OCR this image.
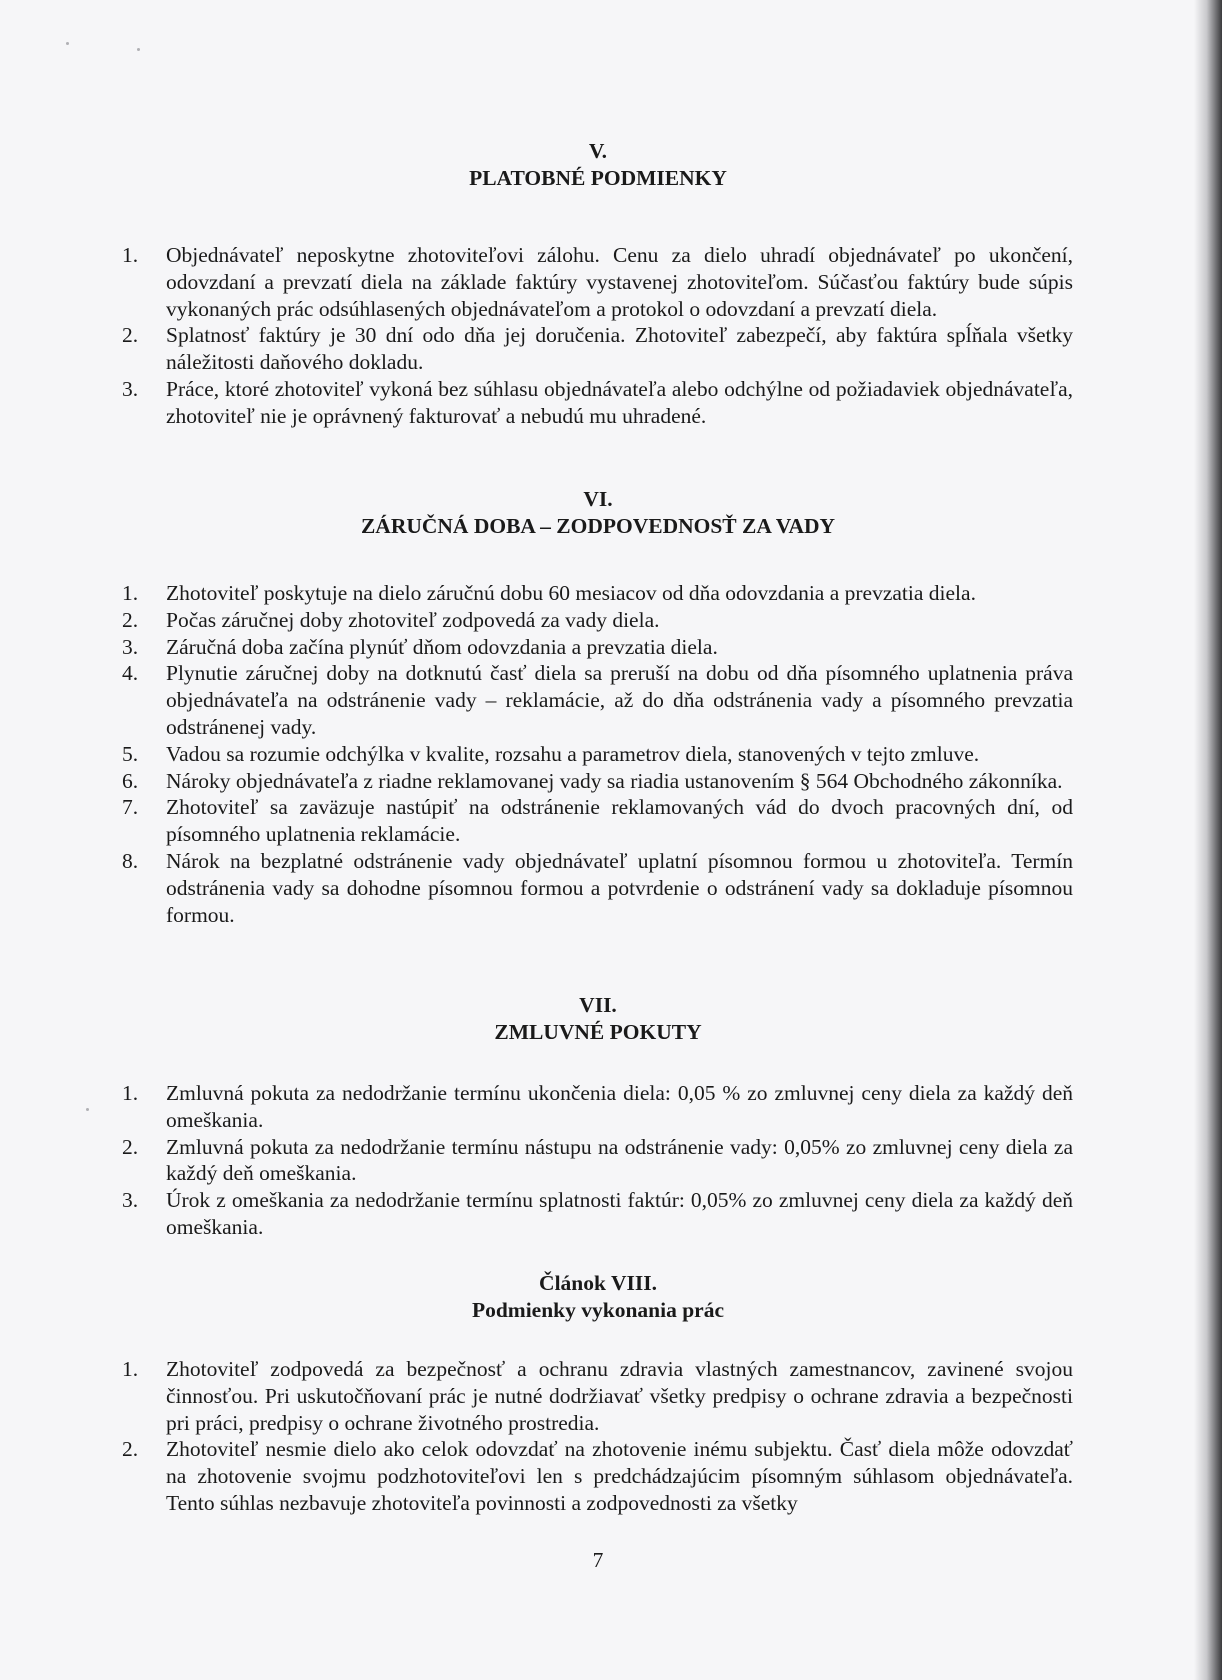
V.
PLATOBNÉ PODMIENKY
1. Objednávateľ neposkytne zhotoviteľovi zálohu. Cenu za dielo uhradí objednávateľ po ukončení, odovzdaní a prevzatí diela na základe faktúry vystavenej zhotoviteľom. Súčasťou faktúry bude súpis vykonaných prác odsúhlasených objednávateľom a protokol o odovzdaní a prevzatí diela.
2. Splatnosť faktúry je 30 dní odo dňa jej doručenia. Zhotoviteľ zabezpečí, aby faktúra spĺňala všetky náležitosti daňového dokladu.
3. Práce, ktoré zhotoviteľ vykoná bez súhlasu objednávateľa alebo odchýlne od požiadaviek objednávateľa, zhotoviteľ nie je oprávnený fakturovať a nebudú mu uhradené.
VI.
ZÁRUČNÁ DOBA – ZODPOVEDNOSŤ ZA VADY
1. Zhotoviteľ poskytuje na dielo záručnú dobu 60 mesiacov od dňa odovzdania a prevzatia diela.
2. Počas záručnej doby zhotoviteľ zodpovedá za vady diela.
3. Záručná doba začína plynúť dňom odovzdania a prevzatia diela.
4. Plynutie záručnej doby na dotknutú časť diela sa preruší na dobu od dňa písomného uplatnenia práva objednávateľa na odstránenie vady – reklamácie, až do dňa odstránenia vady a písomného prevzatia odstránenej vady.
5. Vadou sa rozumie odchýlka v kvalite, rozsahu a parametrov diela, stanovených v tejto zmluve.
6. Nároky objednávateľa z riadne reklamovanej vady sa riadia ustanovením § 564 Obchodného zákonníka.
7. Zhotoviteľ sa zaväzuje nastúpiť na odstránenie reklamovaných vád do dvoch pracovných dní, od písomného uplatnenia reklamácie.
8. Nárok na bezplatné odstránenie vady objednávateľ uplatní písomnou formou u zhotoviteľa. Termín odstránenia vady sa dohodne písomnou formou a potvrdenie o odstránení vady sa dokladuje písomnou formou.
VII.
ZMLUVNÉ POKUTY
1. Zmluvná pokuta za nedodržanie termínu ukončenia diela: 0,05 % zo zmluvnej ceny diela za každý deň omeškania.
2. Zmluvná pokuta za nedodržanie termínu nástupu na odstránenie vady: 0,05% zo zmluvnej ceny diela za každý deň omeškania.
3. Úrok z omeškania za nedodržanie termínu splatnosti faktúr: 0,05% zo zmluvnej ceny diela za každý deň omeškania.
Článok VIII.
Podmienky vykonania prác
1. Zhotoviteľ zodpovedá za bezpečnosť a ochranu zdravia vlastných zamestnancov, zavinené svojou činnosťou. Pri uskutočňovaní prác je nutné dodržiavať všetky predpisy o ochrane zdravia a bezpečnosti pri práci, predpisy o ochrane životného prostredia.
2. Zhotoviteľ nesmie dielo ako celok odovzdať na zhotovenie inému subjektu. Časť diela môže odovzdať na zhotovenie svojmu podzhotoviteľovi len s predchádzajúcim písomným súhlasom objednávateľa. Tento súhlas nezbavuje zhotoviteľa povinnosti a zodpovednosti za všetky
7
